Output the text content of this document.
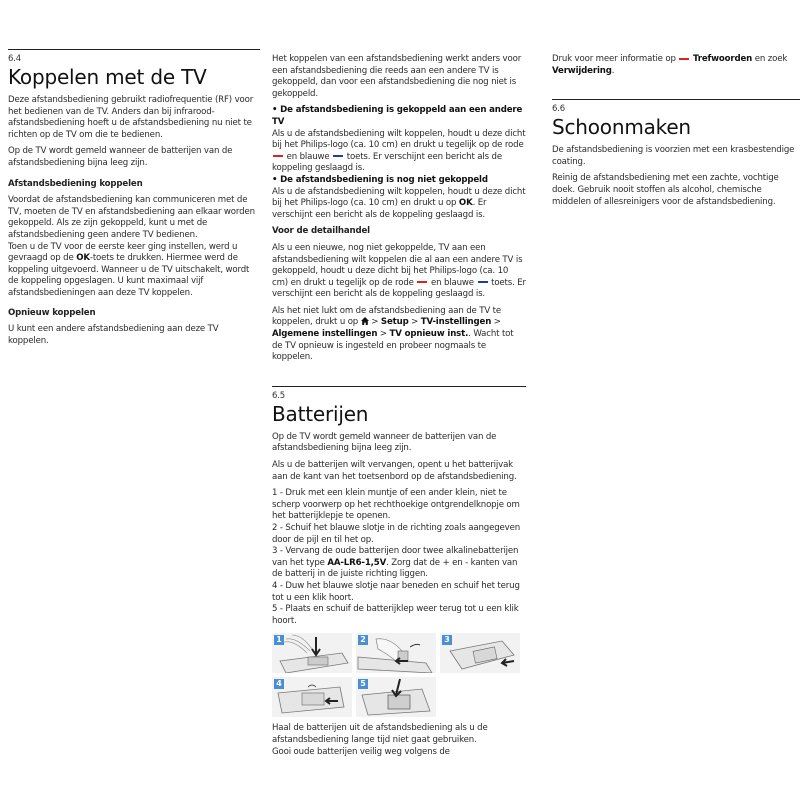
6.4
Koppelen met de TV

Deze afstandsbediening gebruikt radiofrequentie (RF) voor het bedienen van de TV. Anders dan bij infrarood-afstandsbediening hoeft u de afstandsbediening nu niet te richten op de TV om die te bedienen.

Op de TV wordt gemeld wanneer de batterijen van de afstandsbediening bijna leeg zijn.

Afstandsbediening koppelen

Voordat de afstandsbediening kan communiceren met de TV, moeten de TV en afstandsbediening aan elkaar worden gekoppeld. Als ze zijn gekoppeld, kunt u met de afstandsbediening geen andere TV bedienen.
Toen u de TV voor de eerste keer ging instellen, werd u gevraagd op de OK-toets te drukken. Hiermee werd de koppeling uitgevoerd. Wanneer u de TV uitschakelt, wordt de koppeling opgeslagen. U kunt maximaal vijf afstandsbedieningen aan deze TV koppelen.

Opnieuw koppelen

U kunt een andere afstandsbediening aan deze TV koppelen.

Het koppelen van een afstandsbediening werkt anders voor een afstandsbediening die reeds aan een andere TV is gekoppeld, dan voor een afstandsbediening die nog niet is gekoppeld.

• De afstandsbediening is gekoppeld aan een andere TV
Als u de afstandsbediening wilt koppelen, houdt u deze dicht bij het Philips-logo (ca. 10 cm) en drukt u tegelijk op de rode  en blauwe  toets. Er verschijnt een bericht als de koppeling geslaagd is.

• De afstandsbediening is nog niet gekoppeld
Als u de afstandsbediening wilt koppelen, houdt u deze dicht bij het Philips-logo (ca. 10 cm) en drukt u op OK. Er verschijnt een bericht als de koppeling geslaagd is.

Voor de detailhandel

Als u een nieuwe, nog niet gekoppelde, TV aan een afstandsbediening wilt koppelen die al aan een andere TV is gekoppeld, houdt u deze dicht bij het Philips-logo (ca. 10 cm) en drukt u tegelijk op de rode  en blauwe  toets. Er verschijnt een bericht als de koppeling geslaagd is.

Als het niet lukt om de afstandsbediening aan de TV te koppelen, drukt u op  > Setup > TV-instellingen > Algemene instellingen > TV opnieuw inst.. Wacht tot de TV opnieuw is ingesteld en probeer nogmaals te koppelen.

6.5
Batterijen

Op de TV wordt gemeld wanneer de batterijen van de afstandsbediening bijna leeg zijn.

Als u de batterijen wilt vervangen, opent u het batterijvak aan de kant van het toetsenbord op de afstandsbediening.

1 - Druk met een klein muntje of een ander klein, niet te scherp voorwerp op het rechthoekige ontgrendelknopje om het batterijklepje te openen.
2 - Schuif het blauwe slotje in de richting zoals aangegeven door de pijl en til het op.
3 - Vervang de oude batterijen door twee alkalinebatterijen van het type AA-LR6-1,5V. Zorg dat de + en - kanten van de batterij in de juiste richting liggen.
4 - Duw het blauwe slotje naar beneden en schuif het terug tot u een klik hoort.
5 - Plaats en schuif de batterijklep weer terug tot u een klik hoort.

1	2	3
4	5

Haal de batterijen uit de afstandsbediening als u de afstandsbediening lange tijd niet gaat gebruiken.
Gooi oude batterijen veilig weg volgens de

Druk voor meer informatie op  Trefwoorden en zoek Verwijdering.

6.6
Schoonmaken

De afstandsbediening is voorzien met een krasbestendige coating.

Reinig de afstandsbediening met een zachte, vochtige doek. Gebruik nooit stoffen als alcohol, chemische middelen of allesreinigers voor de afstandsbediening.
